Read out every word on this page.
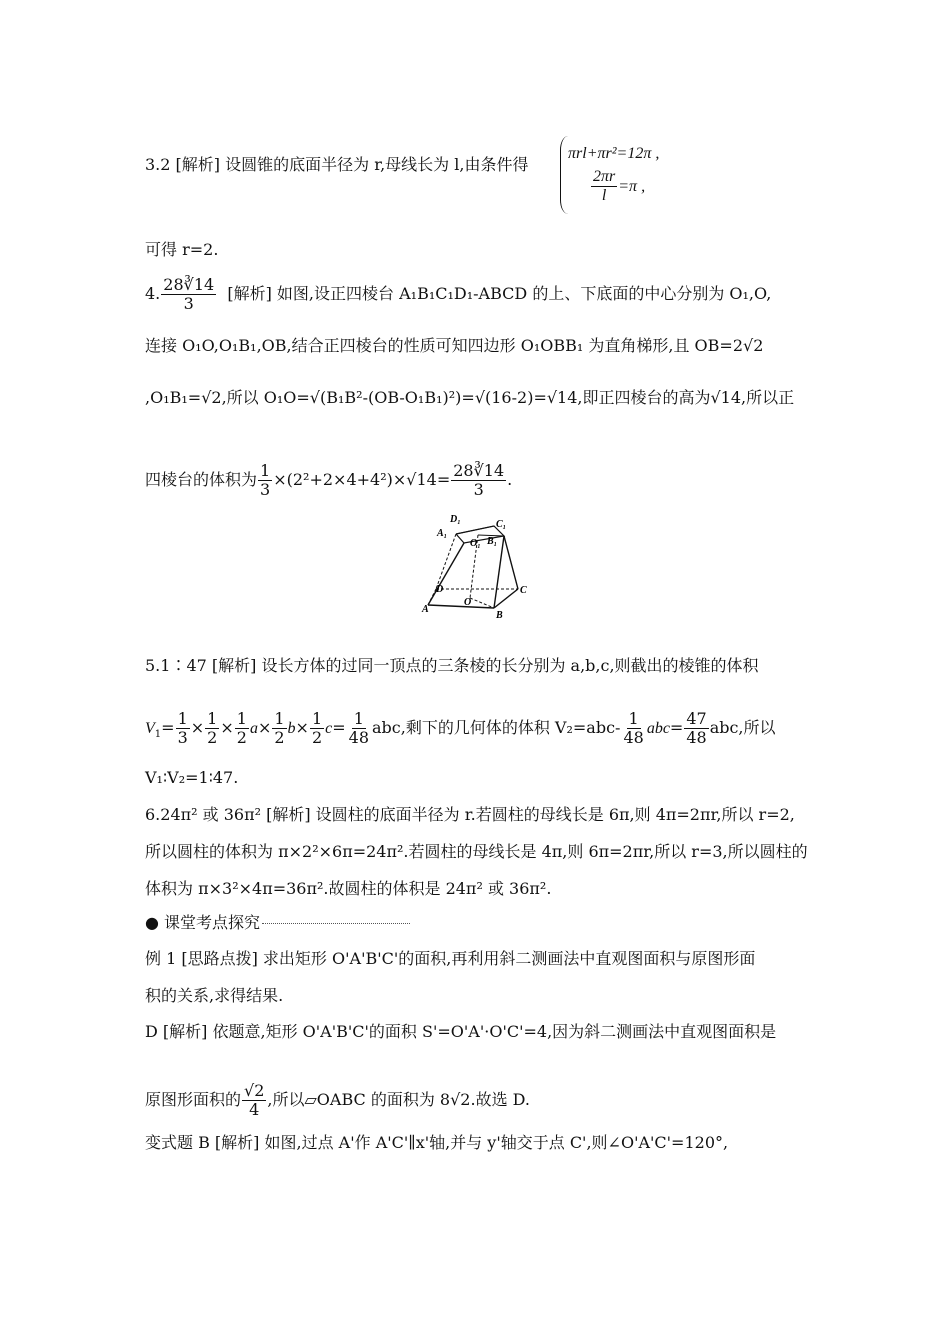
3.2 [解析] 设圆锥的底面半径为 r,母线长为 l,由条件得
πrl+πr²=12π ,
$\frac{2\pi r}{l} =\pi$ ,
可得 r=2.
4. $\frac{28∛14}{3}$ [解析] 如图,设正四棱台 A₁B₁C₁D₁-ABCD 的上、下底面的中心分别为 O₁,O,
连接 O₁O,O₁B₁,OB,结合正四棱台的性质可知四边形 O₁OBB₁ 为直角梯形,且 OB=2√2
,O₁B₁=√2,所以 O₁O=√(B₁B²-(OB-O₁B₁)²)=√(16-2)=√14,即正四棱台的高为√14,所以正
四棱台的体积为 $\frac{1}{3} \times(2^2+2\times 4+4^2)\times√14= \frac{28∛14}{3}$ .
D₁	C₁
A₁
O₁ B₁
D	C
A
O
B
5.1∶47 [解析] 设长方体的过同一顶点的三条棱的长分别为 a,b,c,则截出的棱锥的体积
$V_1= \frac{1}{3} \times \frac{1}{2} \times \frac{1}{2} a\times \frac{1}{2} b\times \frac{1}{2} c= \frac{1}{48}$ abc,剩下的几何体的体积 $V_2=abc- \frac{1}{48} abc= \frac{47}{48}$ abc,所以
V₁∶V₂=1∶47.
6.24π² 或 36π² [解析] 设圆柱的底面半径为 r.若圆柱的母线长是 6π,则 4π=2πr,所以 r=2,
所以圆柱的体积为 π×2²×6π=24π².若圆柱的母线长是 4π,则 6π=2πr,所以 r=3,所以圆柱的
体积为 π×3²×4π=36π².故圆柱的体积是 24π² 或 36π².
● 课堂考点探究
例 1 [思路点拨] 求出矩形 O'A'B'C'的面积,再利用斜二测画法中直观图面积与原图形面
积的关系,求得结果.
D [解析] 依题意,矩形 O'A'B'C'的面积 S'=O'A'·O'C'=4,因为斜二测画法中直观图面积是
原图形面积的 $\frac{√2}{4}$ ,所以▱OABC 的面积为 8√2.故选 D.
变式题 B [解析] 如图,过点 A'作 A'C'∥x'轴,并与 y'轴交于点 C',则∠O'A'C'=120°,
